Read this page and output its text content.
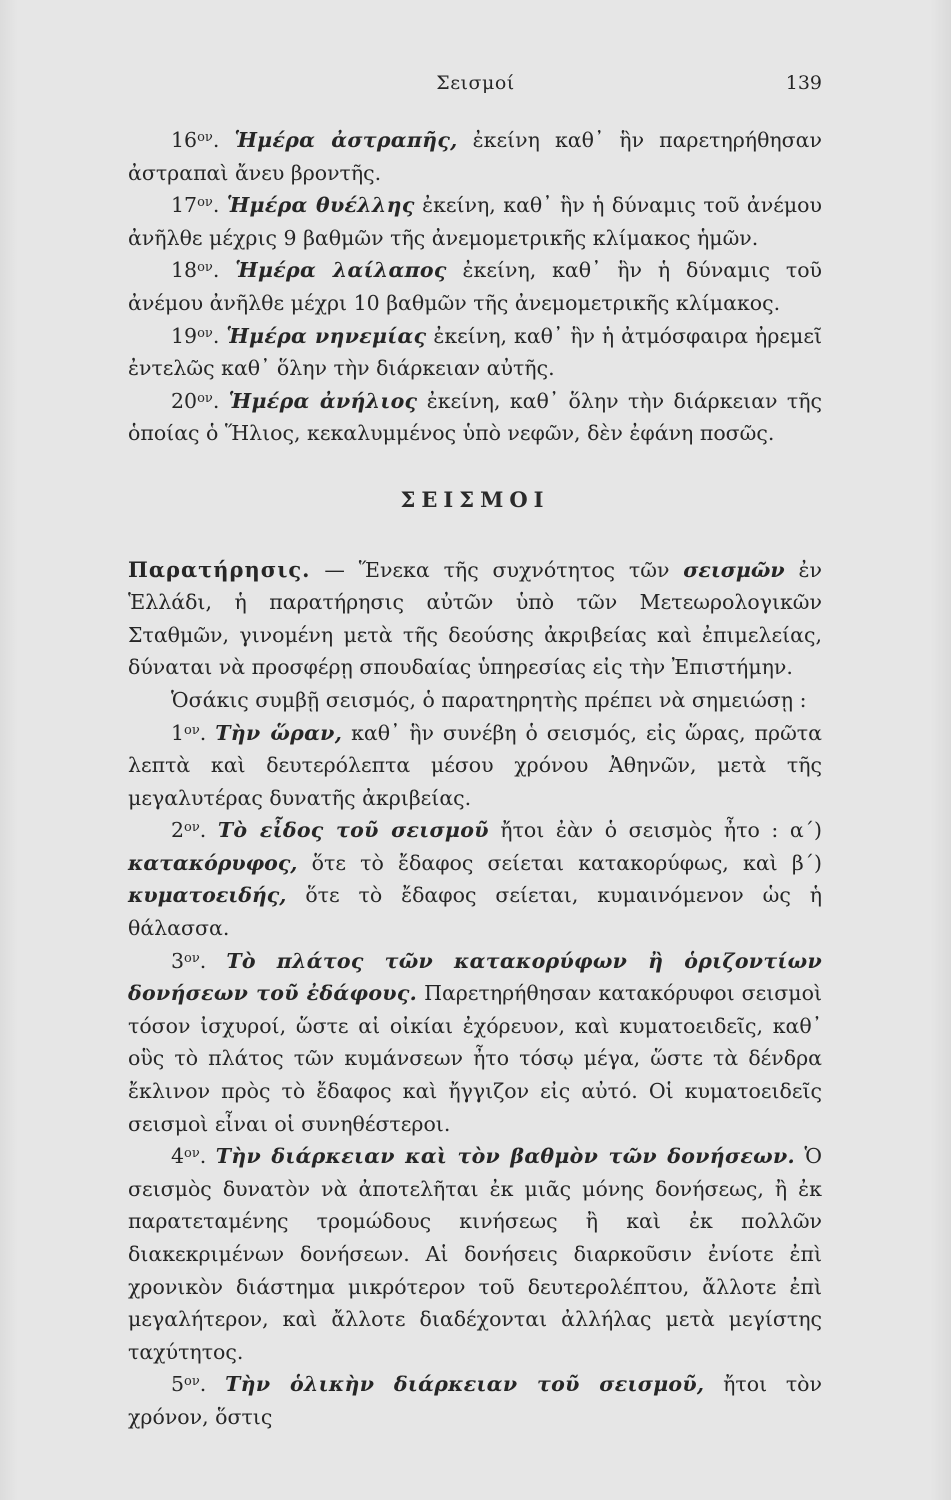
Σεισμοί	139

$16^{o\nu}$. Ἡμέρα ἀστραπῆς, ἐκείνη καθ᾽ ἣν παρετηρήθησαν ἀστραπαὶ ἄνευ βροντῆς.

$17^{o\nu}$. Ἡμέρα θυέλλης ἐκείνη, καθ᾽ ἣν ἡ δύναμις τοῦ ἀνέμου ἀνῆλθε μέχρις 9 βαθμῶν τῆς ἀνεμομετρικῆς κλίμακος ἡμῶν.

$18^{o\nu}$. Ἡμέρα λαίλαπος ἐκείνη, καθ᾽ ἣν ἡ δύναμις τοῦ ἀνέμου ἀνῆλθε μέχρι 10 βαθμῶν τῆς ἀνεμομετρικῆς κλίμακος.

$19^{o\nu}$. Ἡμέρα νηνεμίας ἐκείνη, καθ᾽ ἣν ἡ ἀτμόσφαιρα ἠρεμεῖ ἐντελῶς καθ᾽ ὅλην τὴν διάρκειαν αὐτῆς.

$20^{o\nu}$. Ἡμέρα ἀνήλιος ἐκείνη, καθ᾽ ὅλην τὴν διάρκειαν τῆς ὁποίας ὁ Ἥλιος, κεκαλυμμένος ὑπὸ νεφῶν, δὲν ἐφάνη ποσῶς.

ΣΕΙΣΜΟΙ

Παρατήρησις. — Ἕνεκα τῆς συχνότητος τῶν σεισμῶν ἐν Ἑλλάδι, ἡ παρατήρησις αὐτῶν ὑπὸ τῶν Μετεωρολογικῶν Σταθμῶν, γινομένη μετὰ τῆς δεούσης ἀκριβείας καὶ ἐπιμελείας, δύναται νὰ προσφέρῃ σπουδαίας ὑπηρεσίας εἰς τὴν Ἐπιστήμην.

Ὁσάκις συμβῇ σεισμός, ὁ παρατηρητὴς πρέπει νὰ σημειώσῃ :

$1^{o\nu}$. Τὴν ὥραν, καθ᾽ ἣν συνέβη ὁ σεισμός, εἰς ὥρας, πρῶτα λεπτὰ καὶ δευτερόλεπτα μέσου χρόνου Ἀθηνῶν, μετὰ τῆς μεγαλυτέρας δυνατῆς ἀκριβείας.

$2^{o\nu}$. Τὸ εἶδος τοῦ σεισμοῦ ἤτοι ἐὰν ὁ σεισμὸς ἦτο : α΄) κατακόρυφος, ὅτε τὸ ἔδαφος σείεται κατακορύφως, καὶ β΄) κυματοειδής, ὅτε τὸ ἔδαφος σείεται, κυμαινόμενον ὡς ἡ θάλασσα.

$3^{o\nu}$. Τὸ πλάτος τῶν κατακορύφων ἢ ὁριζοντίων δονήσεων τοῦ ἐδάφους. Παρετηρήθησαν κατακόρυφοι σεισμοὶ τόσον ἰσχυροί, ὥστε αἱ οἰκίαι ἐχόρευον, καὶ κυματοειδεῖς, καθ᾽ οὓς τὸ πλάτος τῶν κυμάνσεων ἦτο τόσῳ μέγα, ὥστε τὰ δένδρα ἔκλινον πρὸς τὸ ἔδαφος καὶ ἤγγιζον εἰς αὐτό. Οἱ κυματοειδεῖς σεισμοὶ εἶναι οἱ συνηθέστεροι.

$4^{o\nu}$. Τὴν διάρκειαν καὶ τὸν βαθμὸν τῶν δονήσεων. Ὁ σεισμὸς δυνατὸν νὰ ἀποτελῆται ἐκ μιᾶς μόνης δονήσεως, ἢ ἐκ παρατεταμένης τρομώδους κινήσεως ἢ καὶ ἐκ πολλῶν διακεκριμένων δονήσεων. Αἱ δονήσεις διαρκοῦσιν ἐνίοτε ἐπὶ χρονικὸν διάστημα μικρότερον τοῦ δευτερολέπτου, ἄλλοτε ἐπὶ μεγαλήτερον, καὶ ἄλλοτε διαδέχονται ἀλλήλας μετὰ μεγίστης ταχύτητος.

$5^{o\nu}$. Τὴν ὁλικὴν διάρκειαν τοῦ σεισμοῦ, ἤτοι τὸν χρόνον, ὅστις
